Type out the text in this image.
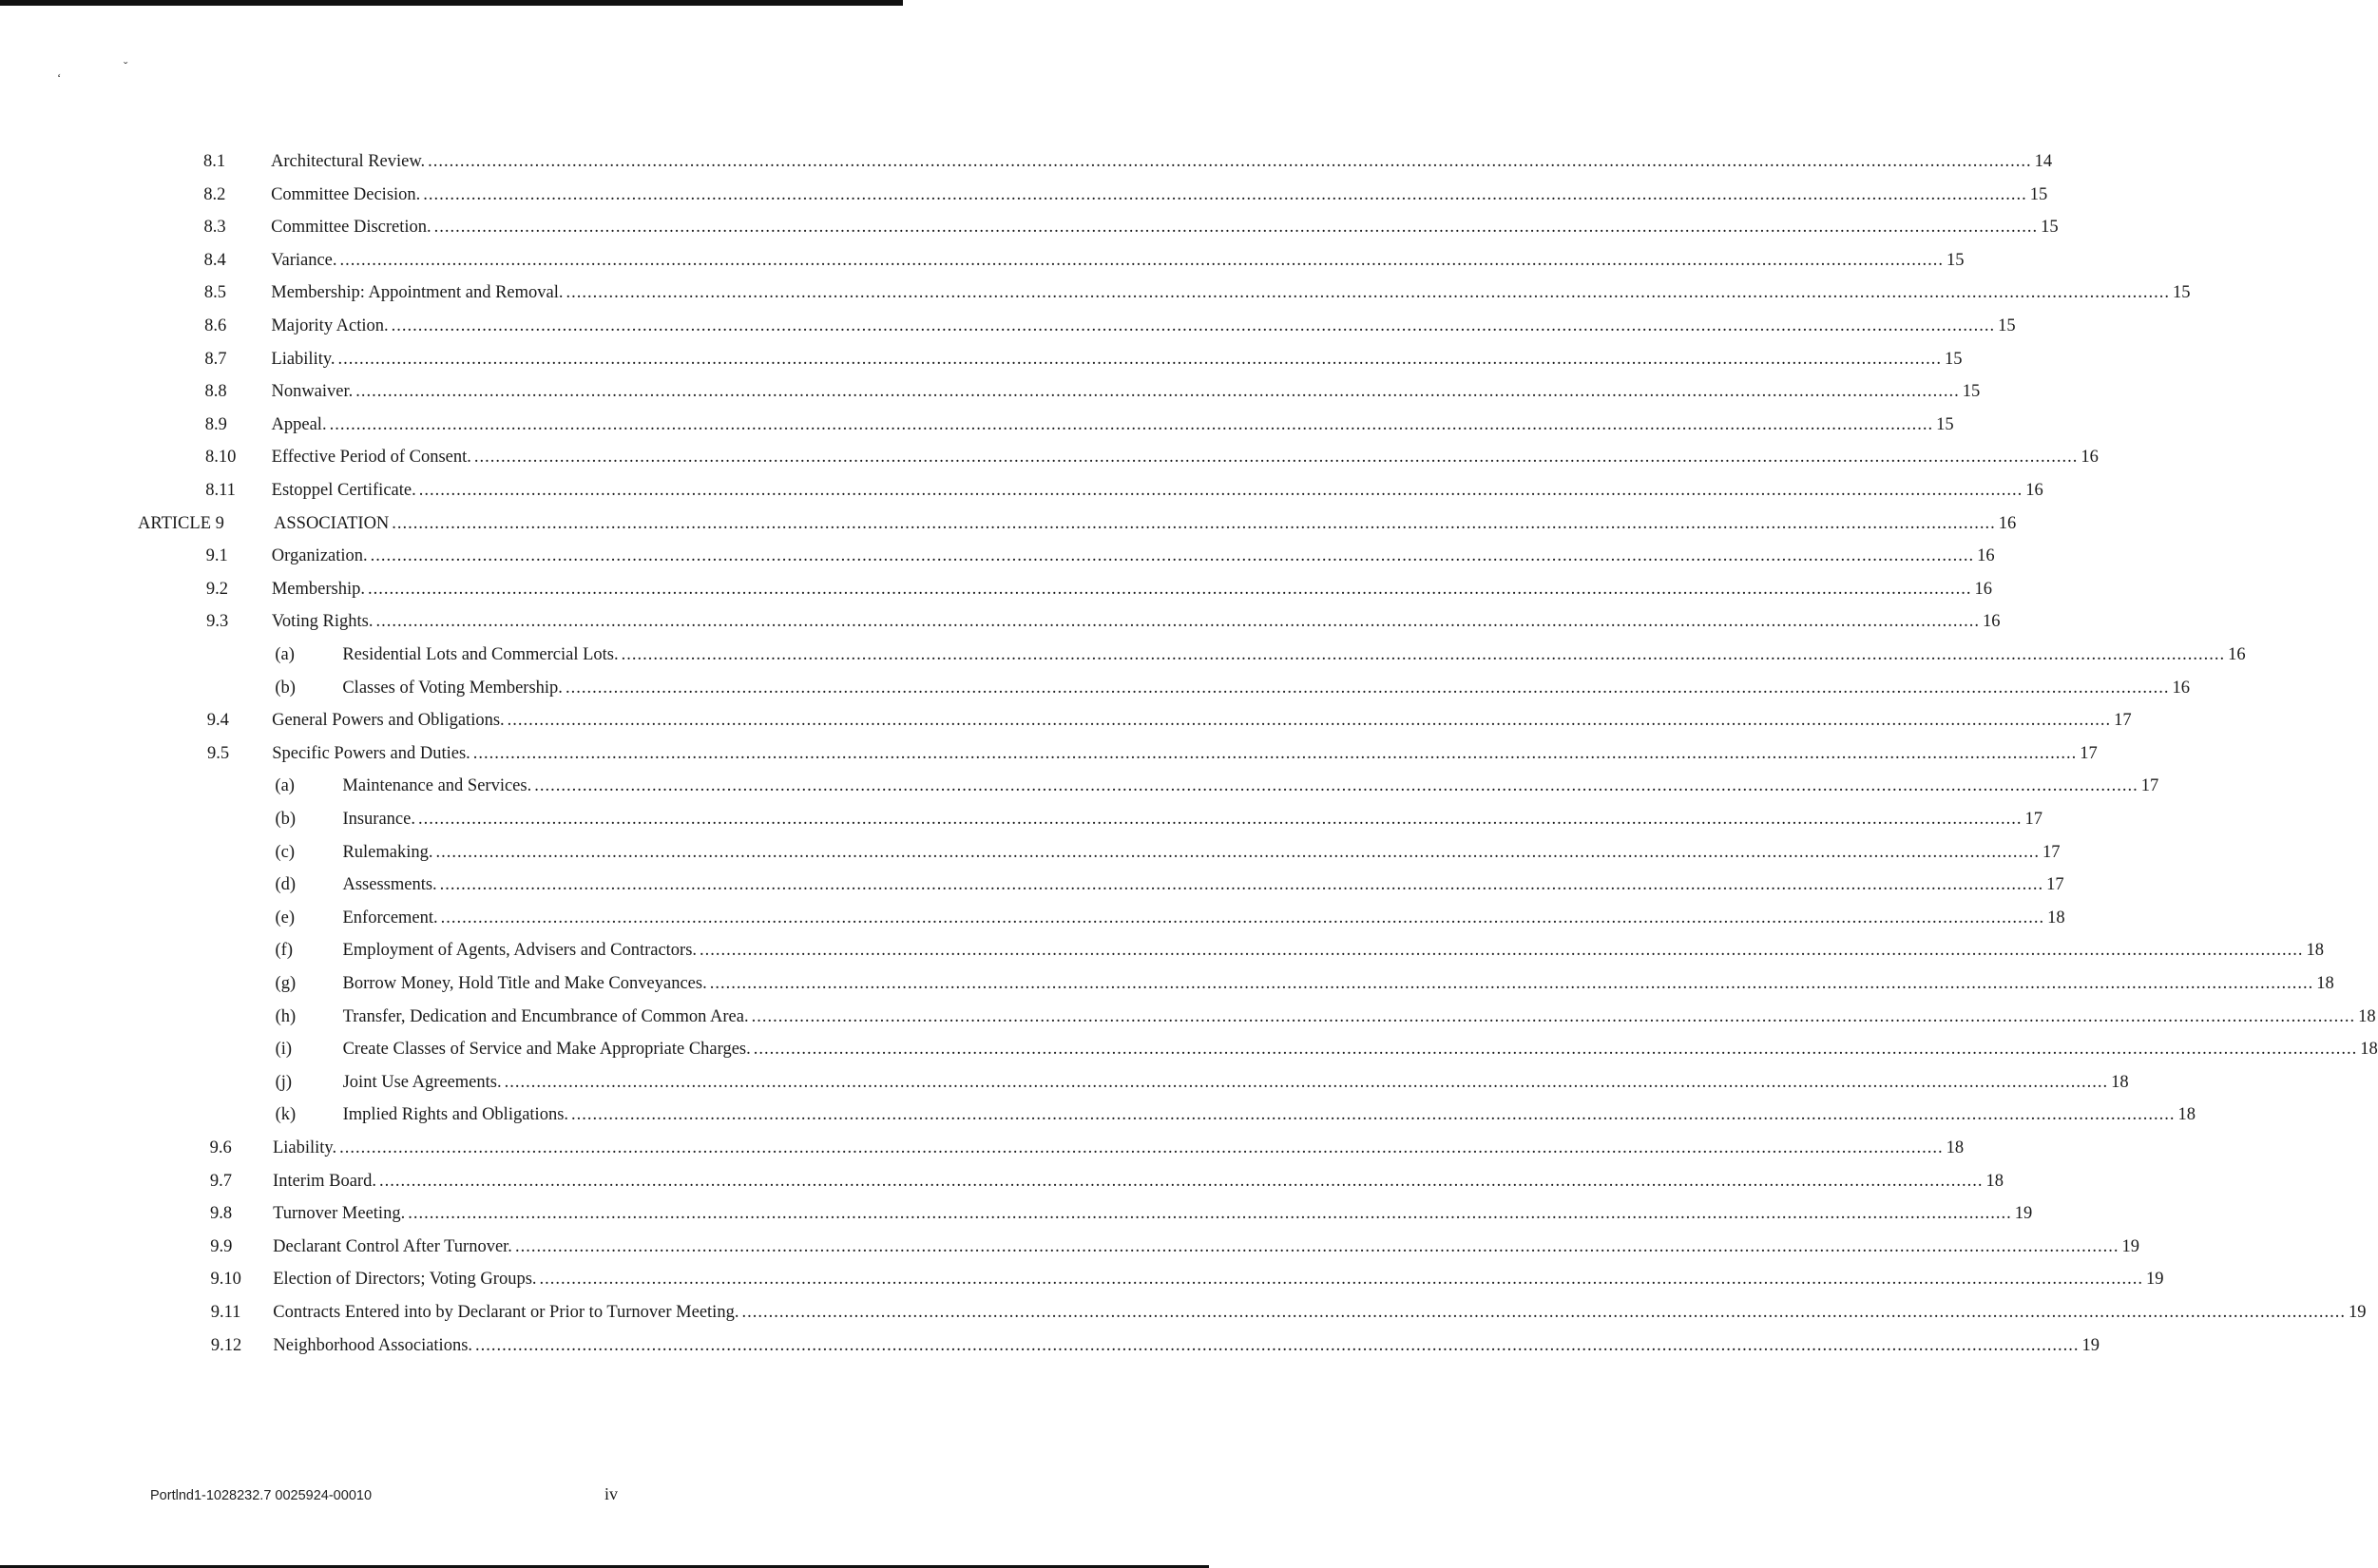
ˇ
ʻ
8.1	Architectural Review. ............................................................................................................................................................................................................................................................................................................ 14
8.2	Committee Decision. ............................................................................................................................................................................................................................................................................................................ 15
8.3	Committee Discretion. ............................................................................................................................................................................................................................................................................................................ 15
8.4	Variance. ............................................................................................................................................................................................................................................................................................................ 15
8.5	Membership: Appointment and Removal. ............................................................................................................................................................................................................................................................................................................ 15
8.6	Majority Action. ............................................................................................................................................................................................................................................................................................................ 15
8.7	Liability. ............................................................................................................................................................................................................................................................................................................ 15
8.8	Nonwaiver. ............................................................................................................................................................................................................................................................................................................ 15
8.9	Appeal. ............................................................................................................................................................................................................................................................................................................ 15
8.10 Effective Period of Consent. ............................................................................................................................................................................................................................................................................................................ 16
8.11 Estoppel Certificate. ............................................................................................................................................................................................................................................................................................................ 16
ARTICLE 9	ASSOCIATION ............................................................................................................................................................................................................................................................................................................ 16
9.1 Organization. ............................................................................................................................................................................................................................................................................................................ 16
9.2 Membership. ............................................................................................................................................................................................................................................................................................................ 16
9.3 Voting Rights. ............................................................................................................................................................................................................................................................................................................ 16
(a)	Residential Lots and Commercial Lots. ............................................................................................................................................................................................................................................................................................................ 16
(b)	Classes of Voting Membership. ............................................................................................................................................................................................................................................................................................................ 16
9.4 General Powers and Obligations. ............................................................................................................................................................................................................................................................................................................ 17
9.5 Specific Powers and Duties. ............................................................................................................................................................................................................................................................................................................ 17
(a)	Maintenance and Services. ............................................................................................................................................................................................................................................................................................................ 17
(b)	Insurance. ............................................................................................................................................................................................................................................................................................................ 17
(c)	Rulemaking. ............................................................................................................................................................................................................................................................................................................ 17
(d)	Assessments. ............................................................................................................................................................................................................................................................................................................ 17
(e)	Enforcement. ............................................................................................................................................................................................................................................................................................................ 18
(f)	Employment of Agents, Advisers and Contractors. ............................................................................................................................................................................................................................................................................................................ 18
(g)	Borrow Money, Hold Title and Make Conveyances. ............................................................................................................................................................................................................................................................................................................ 18
(h)	Transfer, Dedication and Encumbrance of Common Area. ............................................................................................................................................................................................................................................................................................................ 18
(i)	Create Classes of Service and Make Appropriate Charges. ............................................................................................................................................................................................................................................................................................................ 18
(j)	Joint Use Agreements. ............................................................................................................................................................................................................................................................................................................ 18
(k)	Implied Rights and Obligations. ............................................................................................................................................................................................................................................................................................................ 18
9.6 Liability. ............................................................................................................................................................................................................................................................................................................ 18
9.7 Interim Board. ............................................................................................................................................................................................................................................................................................................ 18
9.8 Turnover Meeting. ............................................................................................................................................................................................................................................................................................................ 19
9.9 Declarant Control After Turnover. ............................................................................................................................................................................................................................................................................................................ 19
9.10 Election of Directors; Voting Groups. ............................................................................................................................................................................................................................................................................................................ 19
9.11 Contracts Entered into by Declarant or Prior to Turnover Meeting. ............................................................................................................................................................................................................................................................................................................ 19
9.12 Neighborhood Associations. ............................................................................................................................................................................................................................................................................................................ 19
Portlnd1-1028232.7 0025924-00010	iv
